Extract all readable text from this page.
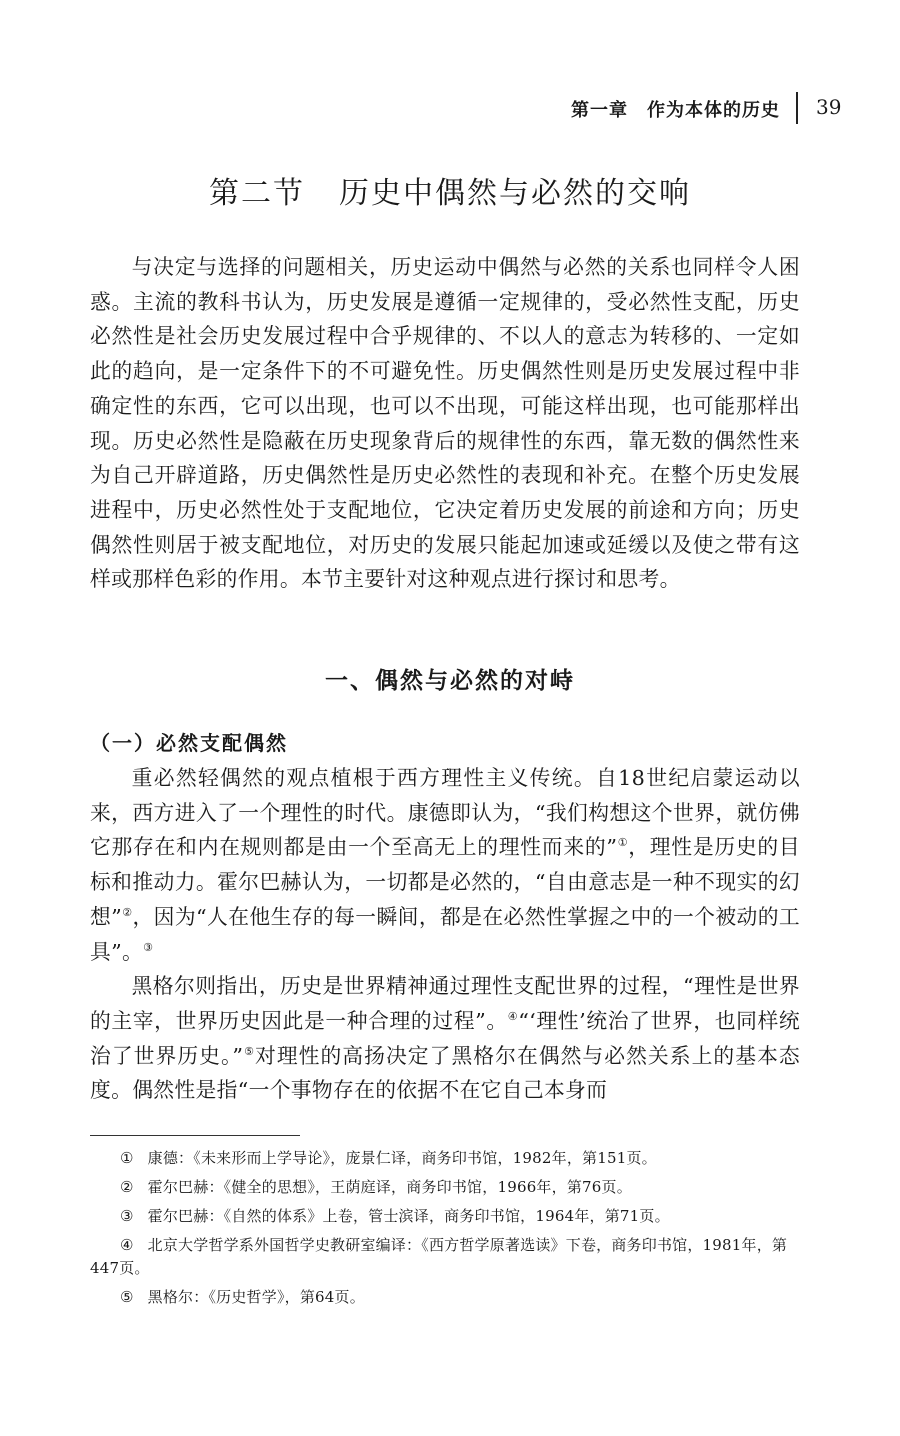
第一章　作为本体的历史 39
第二节 历史中偶然与必然的交响

与决定与选择的问题相关，历史运动中偶然与必然的关系也同样令人困惑。主流的教科书认为，历史发展是遵循一定规律的，受必然性支配，历史必然性是社会历史发展过程中合乎规律的、不以人的意志为转移的、一定如此的趋向，是一定条件下的不可避免性。历史偶然性则是历史发展过程中非确定性的东西，它可以出现，也可以不出现，可能这样出现，也可能那样出现。历史必然性是隐蔽在历史现象背后的规律性的东西，靠无数的偶然性来为自己开辟道路，历史偶然性是历史必然性的表现和补充。在整个历史发展进程中，历史必然性处于支配地位，它决定着历史发展的前途和方向；历史偶然性则居于被支配地位，对历史的发展只能起加速或延缓以及使之带有这样或那样色彩的作用。本节主要针对这种观点进行探讨和思考。

一、偶然与必然的对峙
（一）必然支配偶然

重必然轻偶然的观点植根于西方理性主义传统。自18世纪启蒙运动以来，西方进入了一个理性的时代。康德即认为，“我们构想这个世界，就仿佛它那存在和内在规则都是由一个至高无上的理性而来的”①，理性是历史的目标和推动力。霍尔巴赫认为，一切都是必然的，“自由意志是一种不现实的幻想”②，因为“人在他生存的每一瞬间，都是在必然性掌握之中的一个被动的工具”。③

黑格尔则指出，历史是世界精神通过理性支配世界的过程，“理性是世界的主宰，世界历史因此是一种合理的过程”。④“‘理性’统治了世界，也同样统治了世界历史。”⑤对理性的高扬决定了黑格尔在偶然与必然关系上的基本态度。偶然性是指“一个事物存在的依据不在它自己本身而

① 康德：《未来形而上学导论》，庞景仁译，商务印书馆，1982年，第151页。

② 霍尔巴赫：《健全的思想》，王荫庭译，商务印书馆，1966年，第76页。

③ 霍尔巴赫：《自然的体系》上卷，管士滨译，商务印书馆，1964年，第71页。

④ 北京大学哲学系外国哲学史教研室编译：《西方哲学原著选读》下卷，商务印书馆，1981年，第447页。

⑤ 黑格尔：《历史哲学》，第64页。
